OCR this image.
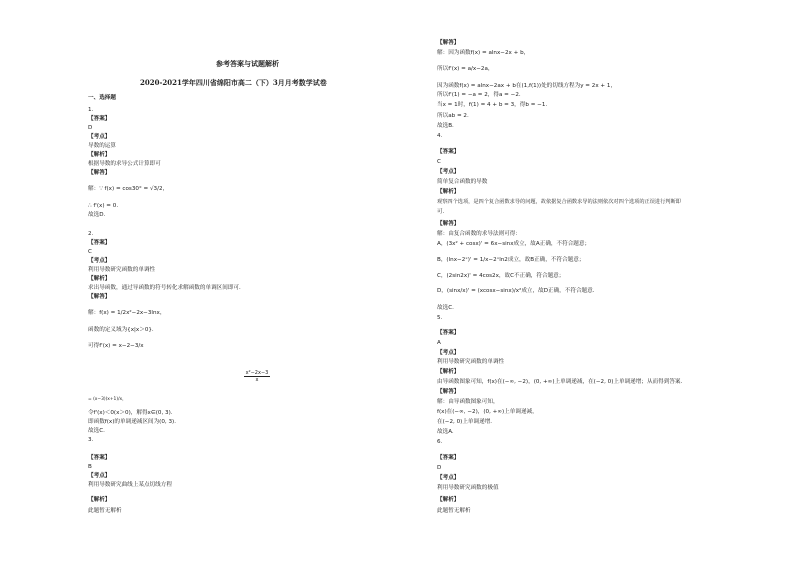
参考答案与试题解析
2020-2021学年四川省绵阳市高二（下）3月月考数学试卷
一、选择题
1.
【答案】
D
【考点】
导数的运算
【解析】
根据导数的求导公式计算即可
【解答】
解：∵ f(x) = cos30° = √3/2，
∴ f'(x) = 0.
故选D.
2.
【答案】
C
【考点】
利用导数研究函数的单调性
【解析】
求出导函数，通过导函数的符号转化求解函数的单调区间即可．
【解答】
解：f(x) = 1/2x²−2x−3lnx，
函数的定义域为{x|x＞0}.
可得f'(x) = x−2−3/x
x²−2x−3
x
= (x−3)(x+1)/x，
令f'(x)＜0(x＞0)，解得x∈(0, 3).
即函数f(x)的单调递减区间为(0, 3).
故选C.
3.
【答案】
B
【考点】
利用导数研究曲线上某点切线方程
【解析】
此题暂无解析
【解答】
解：因为函数f(x) = alnx−2x + b，
所以f'(x) = a/x−2a，
因为函数f(x) = alnx−2ax + b在(1,f(1))处的切线方程为y = 2x + 1，
所以f'(1) = −a = 2，得a = −2．
当x = 1时，f(1) = 4 + b = 3，得b = −1.
所以ab = 2.
故选B.
4.
【答案】
C
【考点】
简单复合函数的导数
【解析】
观察四个选项，是四个复合函数求导的问题，故依据复合函数求导的法则依次对四个选项的正误进行判断即
可.
【解答】
解：由复合函数的求导法则可得：
A，(3x² + cosx)' = 6x−sinx成立，故A正确，不符合题意；
B，(lnx−2ˣ)' = 1/x−2ˣln2成立，故B正确，不符合题意；
C，(2sin2x)' = 4cos2x，故C不正确，符合题意；
D，(sinx/x)' = (xcosx−sinx)/x²成立，故D正确，不符合题意．
故选C.
5.
【答案】
A
【考点】
利用导数研究函数的单调性
【解析】
由导函数图象可知，f(x)在(−∞, −2)，(0, +∞)上单调递减，在(−2, 0)上单调递增；从而得到答案．
【解答】
解：由导函数图象可知，
f(x)在(−∞, −2)，(0, +∞)上单调递减，
在(−2, 0)上单调递增．
故选A.
6.
【答案】
D
【考点】
利用导数研究函数的极值
【解析】
此题暂无解析
